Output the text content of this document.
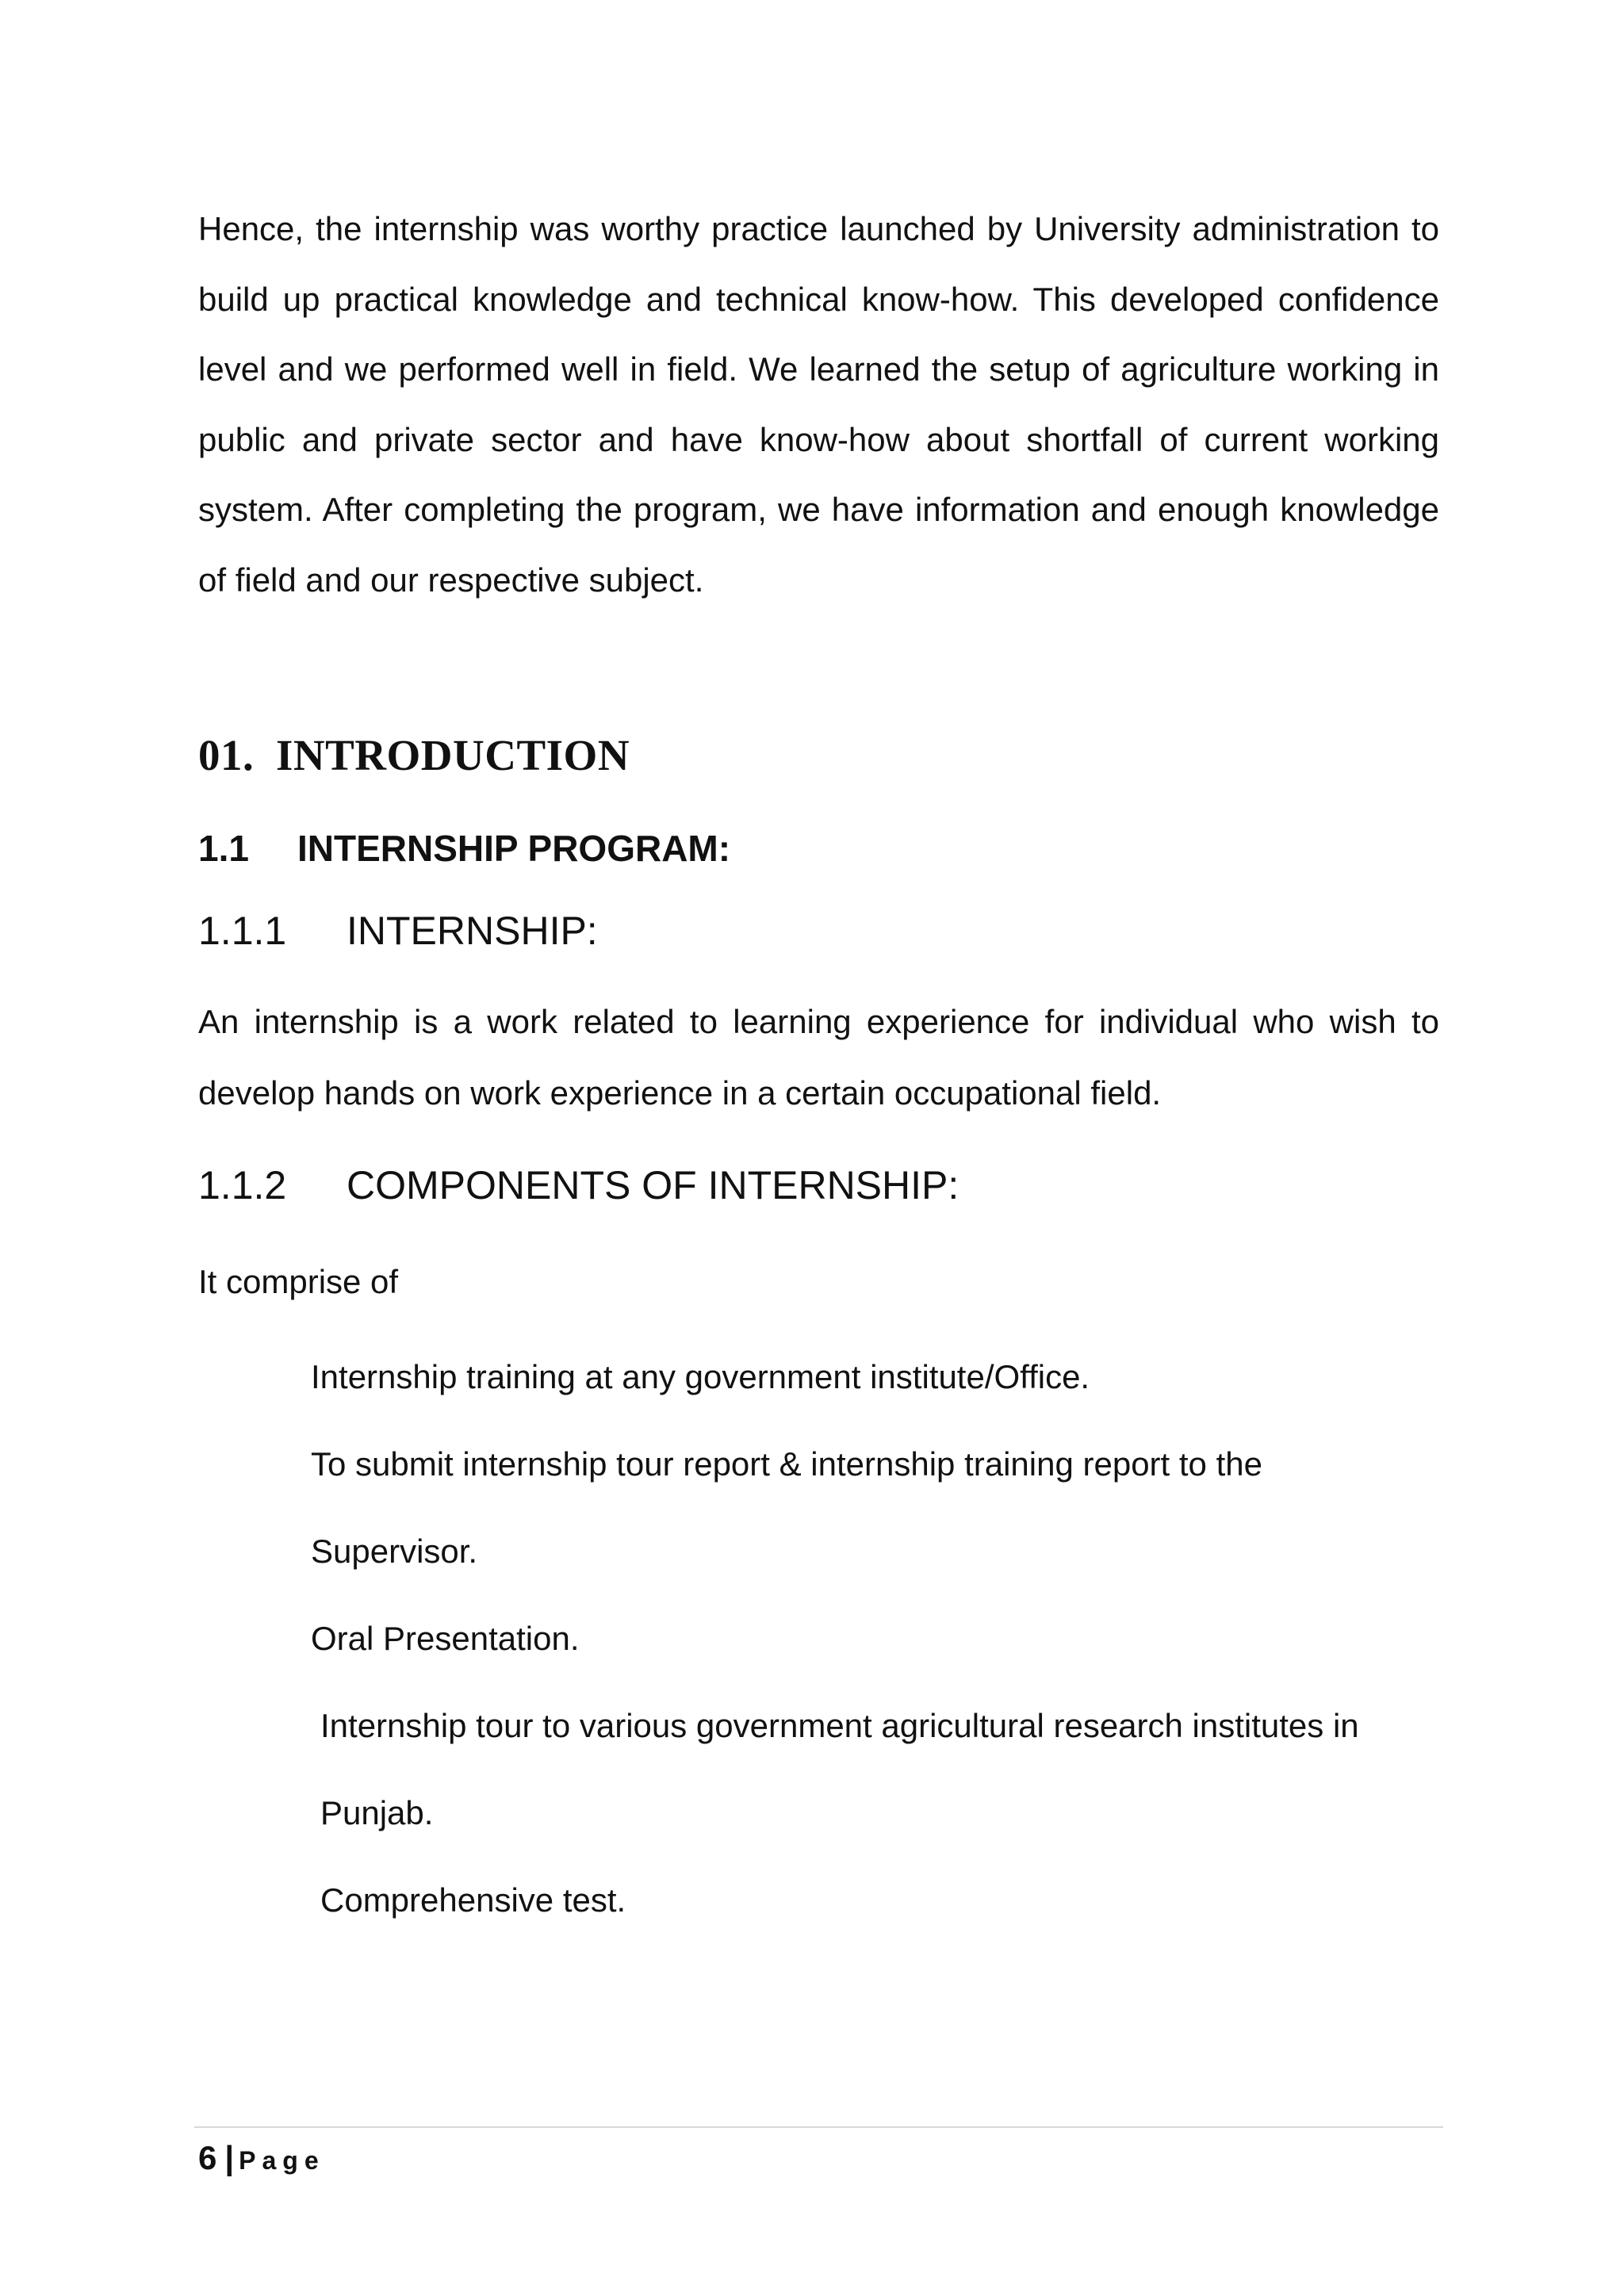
Hence, the internship was worthy practice launched by University administration to build up practical knowledge and technical know-how. This developed confidence level and we performed well in field. We learned the setup of agriculture working in public and private sector and have know-how about shortfall of current working system. After completing the program, we have information and enough knowledge of field and our respective subject.

01. INTRODUCTION
1.1 INTERNSHIP PROGRAM:
1.1.1 INTERNSHIP:

An internship is a work related to learning experience for individual who wish to develop hands on work experience in a certain occupational field.

1.1.2 COMPONENTS OF INTERNSHIP:

It comprise of

Internship training at any government institute/Office.
To submit internship tour report & internship training report to the
Supervisor.
Oral Presentation.
Internship tour to various government agricultural research institutes in
Punjab.
Comprehensive test.
6 | Page
